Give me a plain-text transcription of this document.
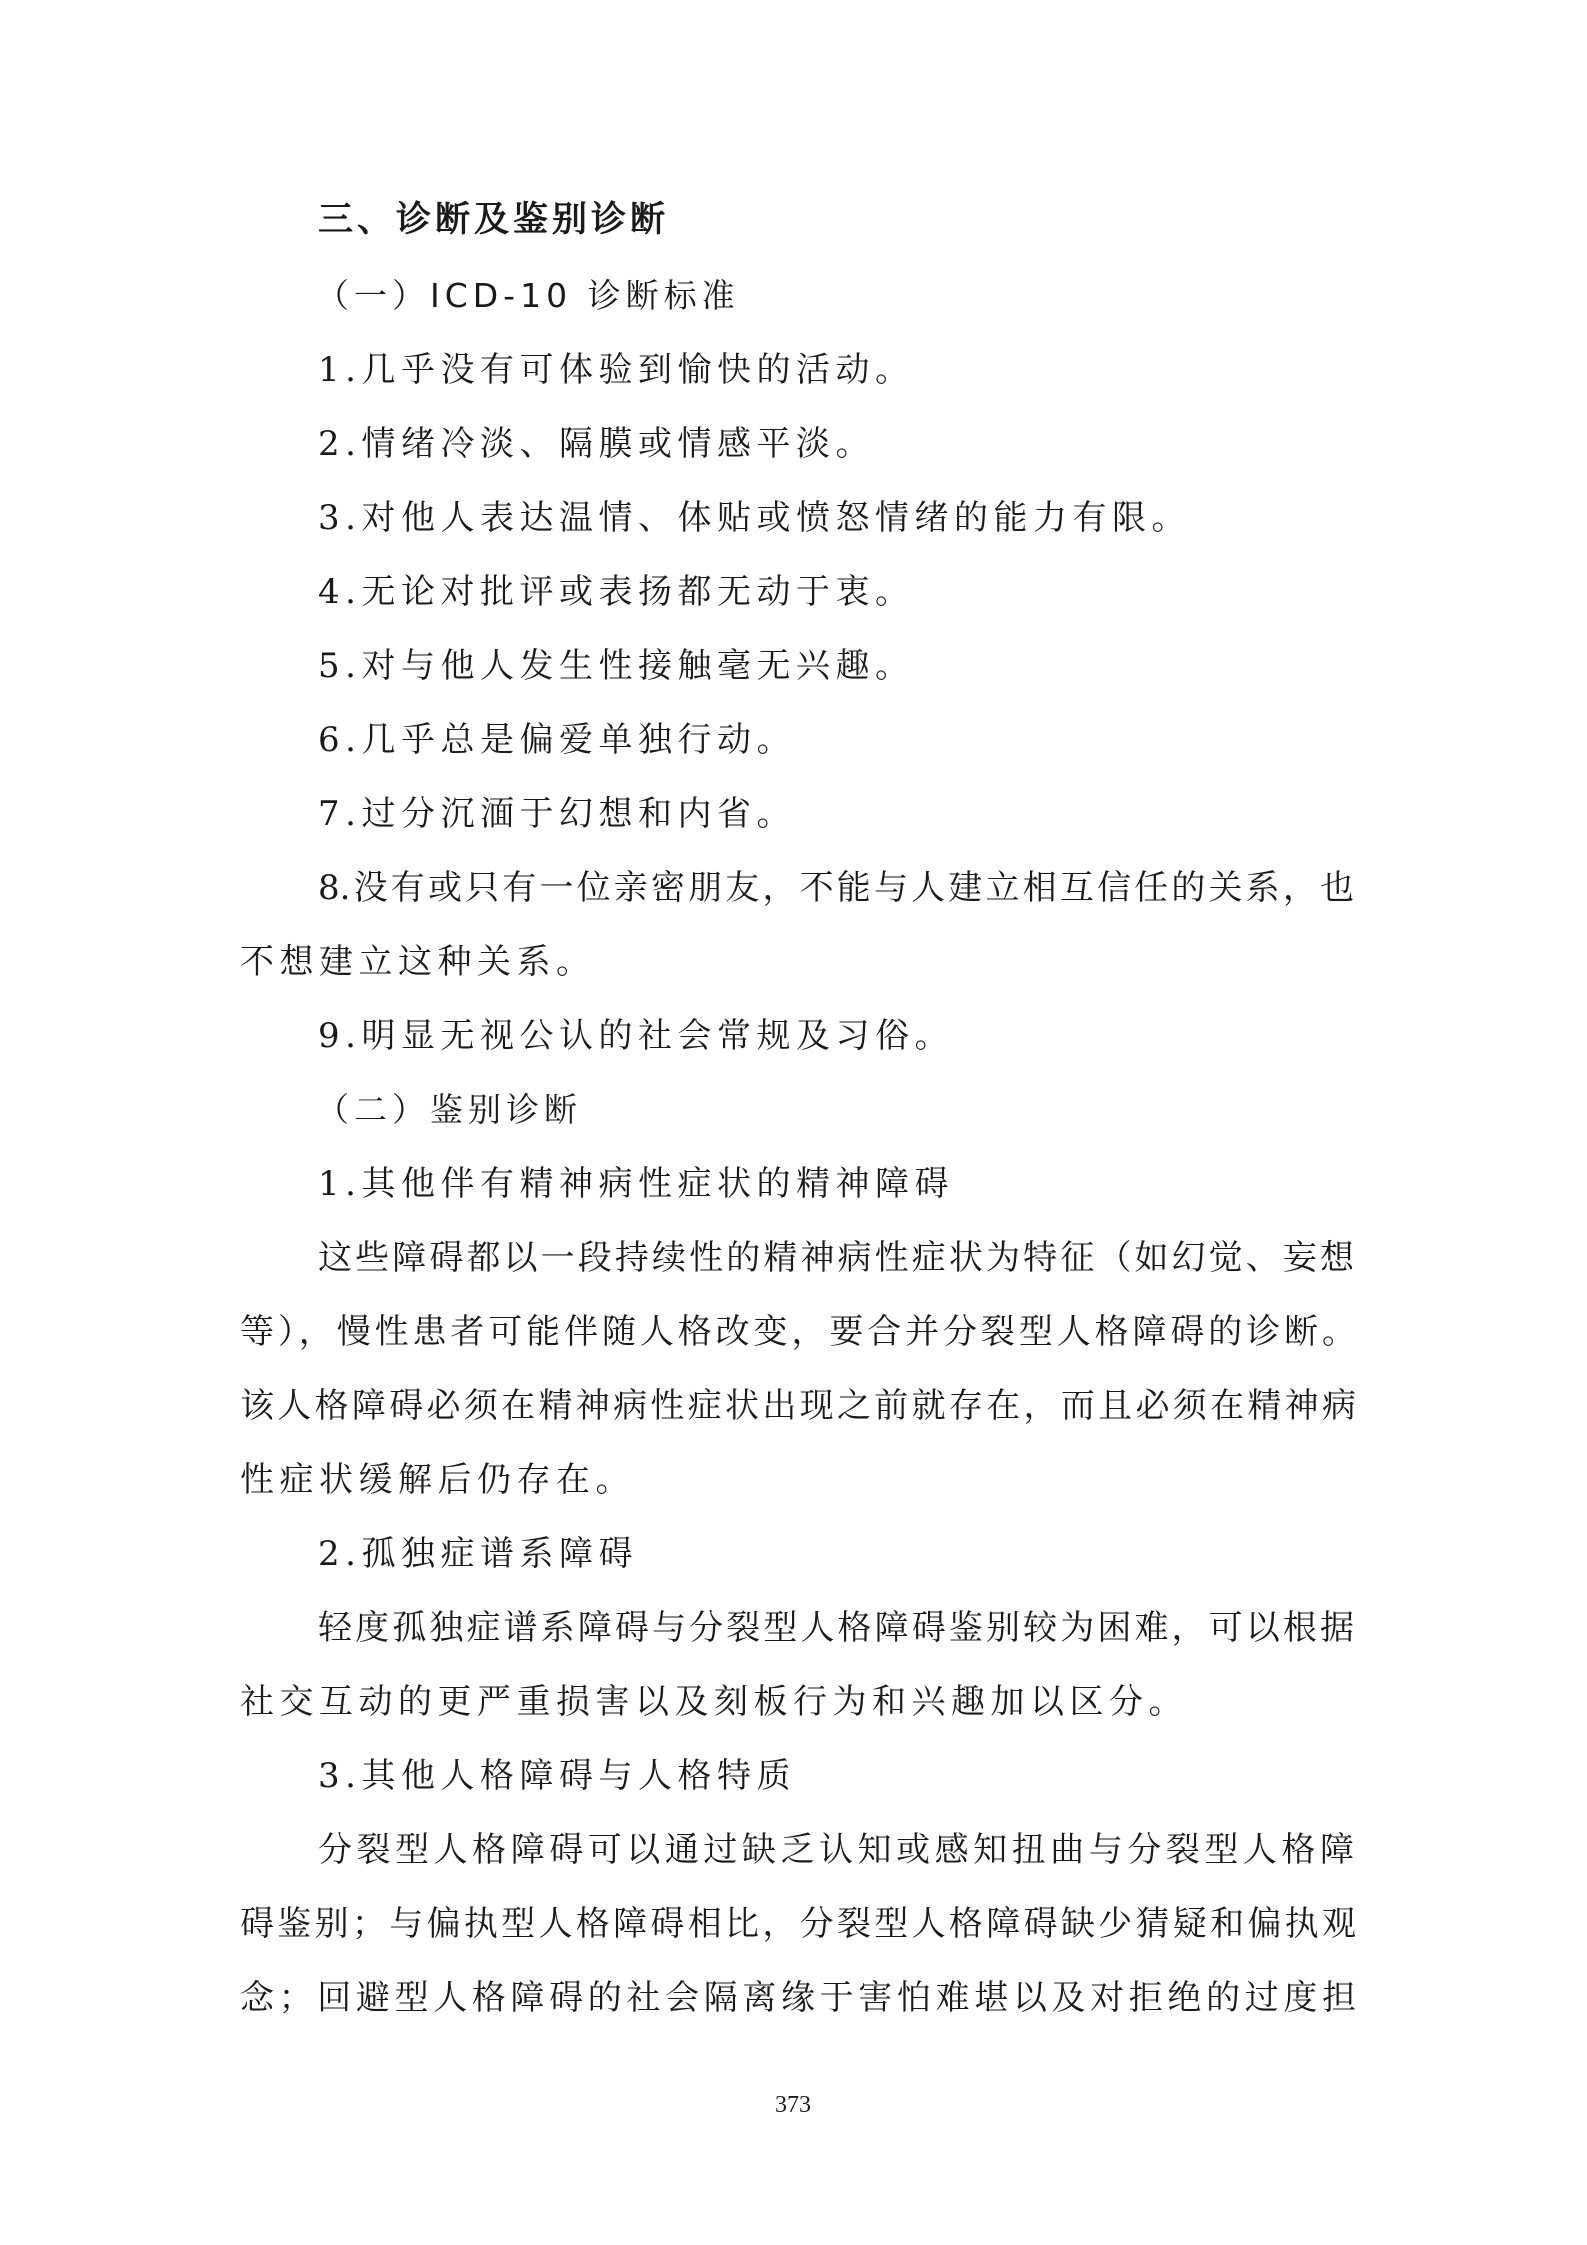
三、诊断及鉴别诊断
（一）ICD-10 诊断标准
1.几乎没有可体验到愉快的活动。
2.情绪冷淡、隔膜或情感平淡。
3.对他人表达温情、体贴或愤怒情绪的能力有限。
4.无论对批评或表扬都无动于衷。
5.对与他人发生性接触毫无兴趣。
6.几乎总是偏爱单独行动。
7.过分沉湎于幻想和内省。
8.没有或只有一位亲密朋友，不能与人建立相互信任的关系，也
不想建立这种关系。
9.明显无视公认的社会常规及习俗。
（二）鉴别诊断
1.其他伴有精神病性症状的精神障碍
这些障碍都以一段持续性的精神病性症状为特征（如幻觉、妄想
等），慢性患者可能伴随人格改变，要合并分裂型人格障碍的诊断。
该人格障碍必须在精神病性症状出现之前就存在，而且必须在精神病
性症状缓解后仍存在。
2.孤独症谱系障碍
轻度孤独症谱系障碍与分裂型人格障碍鉴别较为困难，可以根据
社交互动的更严重损害以及刻板行为和兴趣加以区分。
3.其他人格障碍与人格特质
分裂型人格障碍可以通过缺乏认知或感知扭曲与分裂型人格障
碍鉴别；与偏执型人格障碍相比，分裂型人格障碍缺少猜疑和偏执观
念；回避型人格障碍的社会隔离缘于害怕难堪以及对拒绝的过度担
373
